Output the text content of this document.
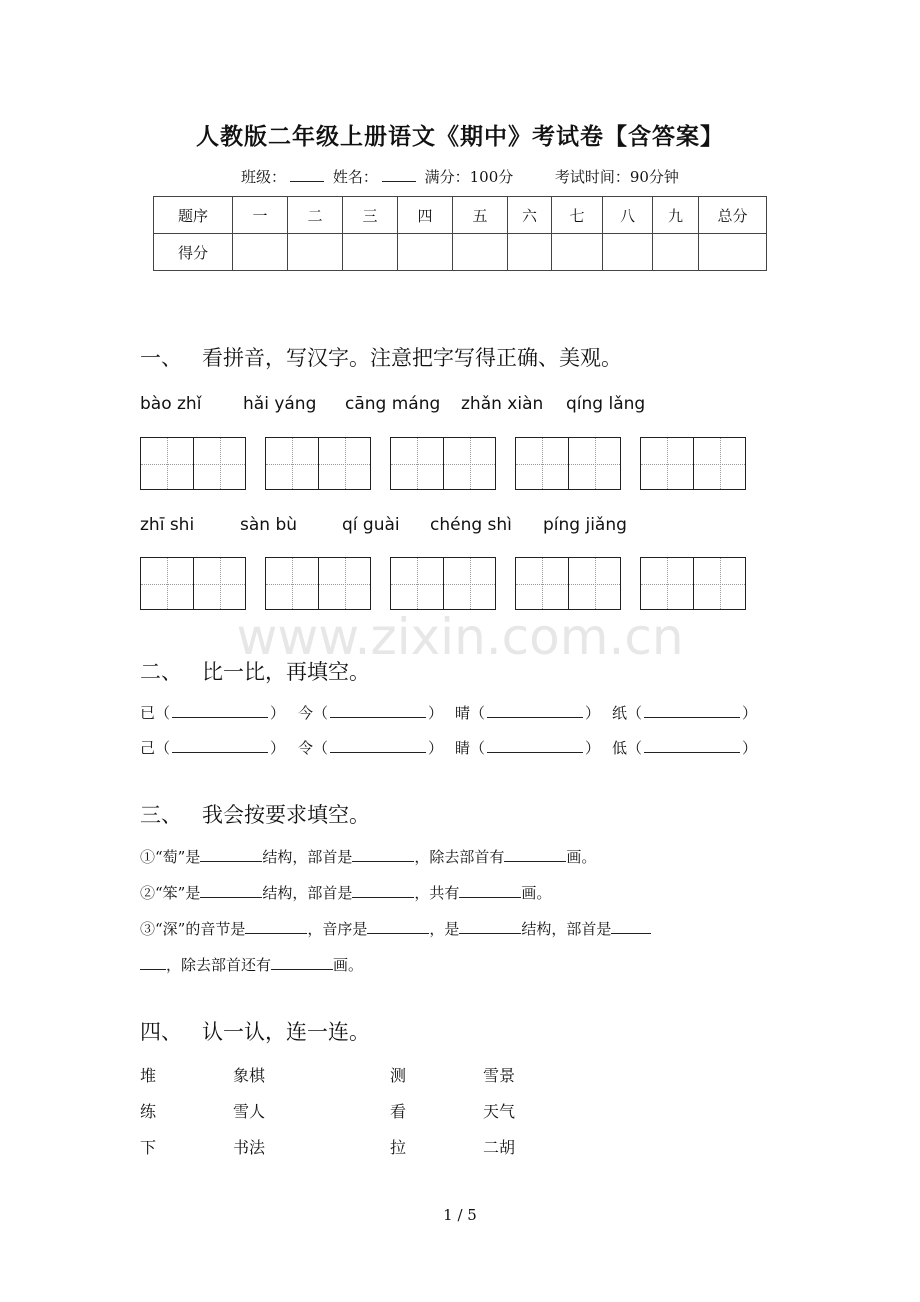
人教版二年级上册语文《期中》考试卷【含答案】
班级：	姓名：	满分：100分	考试时间：90分钟
题序	一	二	三	四	五	六	七	八	九	总分
得分										
一、 看拼音，写汉字。注意把字写得正确、美观。
bào zhǐ hǎi yáng cāng máng zhǎn xiàn qíng lǎng
zhī shi	sàn bù	qí guài chéng shì píng jiǎng
www.zixin.com.cn
二、 比一比，再填空。
已（	） 今（	） 晴（	） 纸（	）
己（	） 令（	） 睛（	） 低（	）
三、 我会按要求填空。
①“萄”是	结构，部首是	，除去部首有	画。
②“笨”是	结构，部首是	，共有	画。
③“深”的音节是	，音序是	，是	结构，部首是
，除去部首还有	画。
四、 认一认，连一连。
堆	象棋	测	雪景
练	雪人	看	天气
下	书法	拉	二胡
1 / 5
